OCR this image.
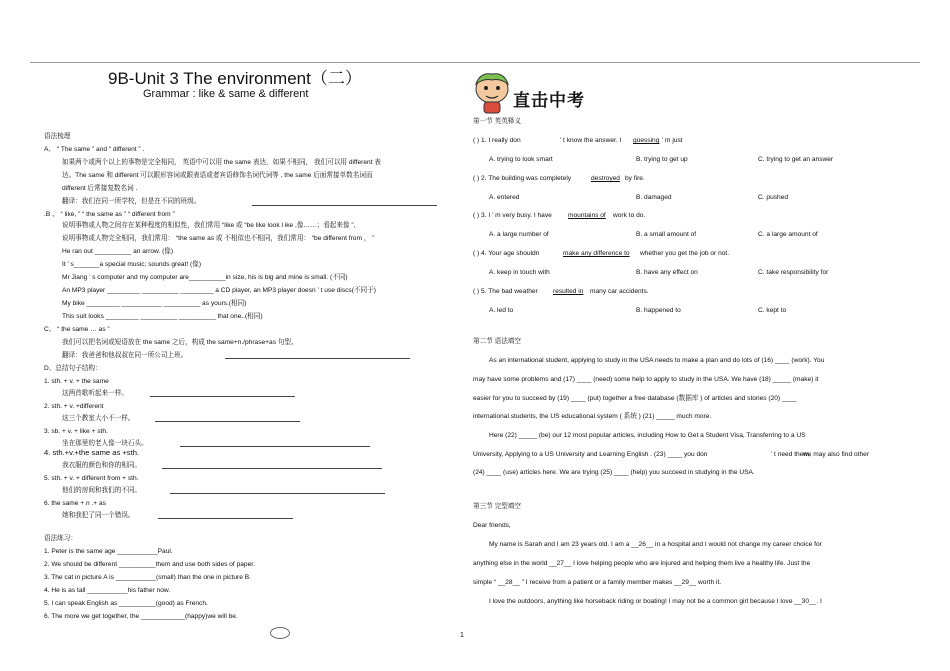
9B-Unit 3 The environment（二）
Grammar : like & same & different	直击中考
语法梳理
A、 “ The same ” and “ different ” .
如果两个或两个以上的事物是完全相同， 英语中可以用 the same 表达，如果不相同， 我们可以用 different 表
达。The same 和 different 可以跟形容词或跟表语或者宾语修饰名词代词等 , the same 后面常接单数名词而
different 后常接复数名词 .
翻译：我们在同一所学校，但是在不同的班级。
.B 、 “ like, ” “ the same as ” “ different from ”
说明事物或人物之间存在某种程度的相似性，我们常用 “like 或 “be like look l ike ,像……；看起来像 ”,
说明事物或人物完全相同，我们常用： “the same as 或 不相似也不相同，我们常用： “be different from ， ”
He ran out __________ an arrow. (像)
It ’ s_______a special music; sounds great! (像)
Mr Jiang ’ s computer and my computer are__________in size, his is big and mine is small. (不同)
An MP3 player _________ __________ _________ a CD player, an MP3 player doesn ’ t use discs(不同于)
My bike _________ ___________ __________ as yours.(相同)
This suit looks _________ __________ __________ that one..(相同)
C、 “ the same … as ”
我们可以把名词或短语放在 the same 之后，构成 the same+n./phrase+as 句型。
翻译：我爸爸和他叔叔在同一所公司上班。
D、总结句子结构：
1. sth. + v. + the same
这两首歌听起来一样。
2. sth. + v. +different
这三个教室大小不一样。
3. sb. + v. + like + sth.
坐在那里的老人像一块石头。
4. sth.+v.+the same as +sth.
我衣服的颜色和你的相同。
5. sth. + v. + different from + sth.
他们的房间和我们的不同。
6. the same + n .+ as
她和我犯了同一个错误。
语法练习：
1. Peter is the same age ___________Paul.
2. We should be different __________them and use both sides of paper.
3. The cat in picture A is ___________(small) than the one in picture B.
4. He is as tall ___________his father now.
5. I can speak English as __________(good) as French.
6. The more we get together, the ____________(happy)we will be.
第一节 英英释义
( ) 1. I really don	’ t know the answer. I guessing ’ m just
A. trying to look smart	B. trying to get up	C. trying to get an answer
( ) 2. The building was completely	destroyed by fire.
A. entered	B. damaged	C. pushed
( ) 3. I ’ m very busy. I have mountains of work to do.
A. a large number of	B. a small amount of	C. a large amount of
( ) 4. Your age shouldn	make any difference to whether you get the job or not.
A. keep in touch with	B. have any effect on	C. take responsibility for
( ) 5. The bad weather resulted in many car accidents.
A. led to	B. happened to	C. kept to
第二节 语法填空
As an international student, applying to study in the USA needs to make a plan and do lots of (16) ____ (work). You
may have some problems and (17) ____ (need) some help to apply to study in the USA. We have (18) _____ (make) it
easier for you to succeed by (19) ____ (put) together a free database (数据库 ) of articles and stories (20) ____
international students, the US educational system ( 系统 ) (21) _____ much more.
Here (22) _____ (be) our 12 most popular articles, including How to Get a Student Visa, Transferring to a US
University, Applying to a US University and Learning English . (23) ____ you don	’ t need them,
we may also find other
(24) ____ (use) articles here. We are trying (25) ____ (help) you succeed in studying in the USA.
第三节 完型填空
Dear friends,
My name is Sarah and I am 23 years old. I am a __26__ in a hospital and I would not change my career choice for
anything else in the world __27__ I love helping people who are injured and helping them live a healthy life. Just the
simple “ __28__ ” I receive from a patient or a family member makes __29__ worth it.
I love the outdoors, anything like horseback riding or boating! I may not be a common girl because I love __30__. I
1
